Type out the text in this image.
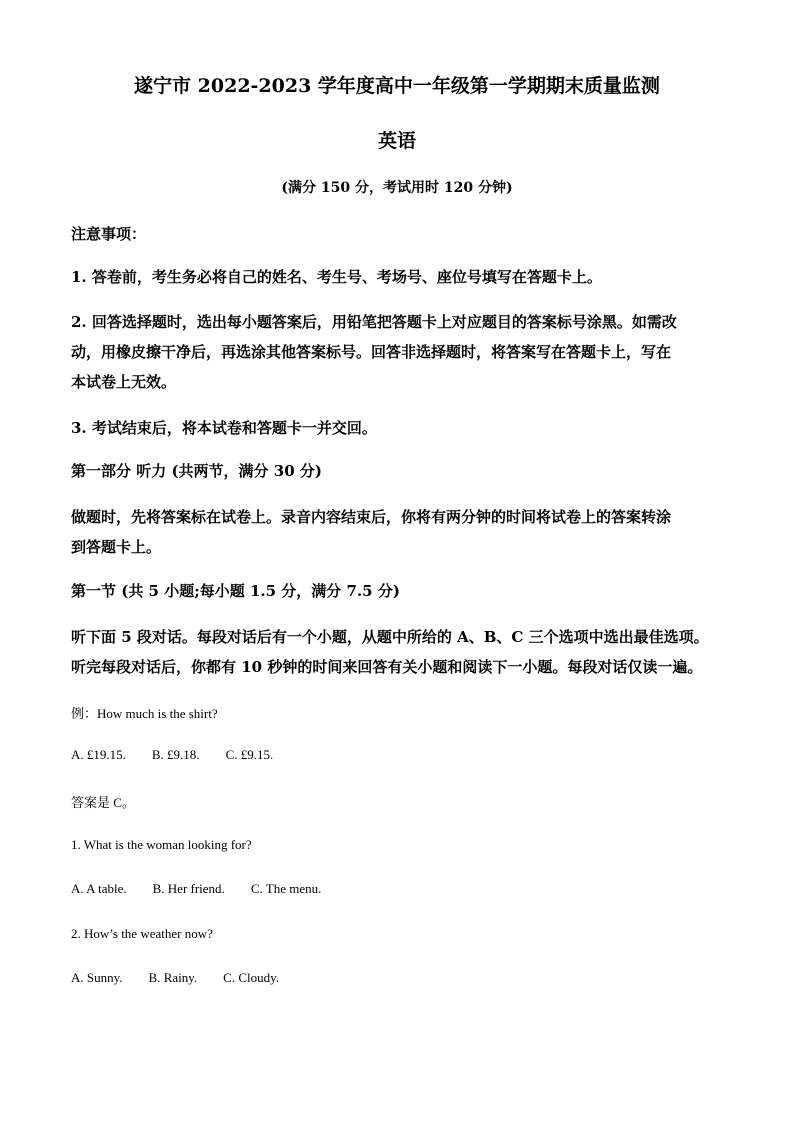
遂宁市 2022-2023 学年度高中一年级第一学期期末质量监测
英语
(满分 150 分，考试用时 120 分钟)
注意事项：
1. 答卷前，考生务必将自己的姓名、考生号、考场号、座位号填写在答题卡上。
2. 回答选择题时，选出每小题答案后，用铅笔把答题卡上对应题目的答案标号涂黑。如需改
动，用橡皮擦干净后，再选涂其他答案标号。回答非选择题时，将答案写在答题卡上，写在
本试卷上无效。
3. 考试结束后，将本试卷和答题卡一并交回。
第一部分 听力 (共两节，满分 30 分)
做题时，先将答案标在试卷上。录音内容结束后，你将有两分钟的时间将试卷上的答案转涂
到答题卡上。
第一节 (共 5 小题;每小题 1.5 分，满分 7.5 分)
听下面 5 段对话。每段对话后有一个小题，从题中所给的 A、B、C 三个选项中选出最佳选项。
听完每段对话后，你都有 10 秒钟的时间来回答有关小题和阅读下一小题。每段对话仅读一遍。
例：How much is the shirt?
A. £19.15. B. £9.18. C. £9.15.
答案是 C。
1. What is the woman looking for?
A. A table. B. Her friend. C. The menu.
2. How’s the weather now?
A. Sunny. B. Rainy. C. Cloudy.
